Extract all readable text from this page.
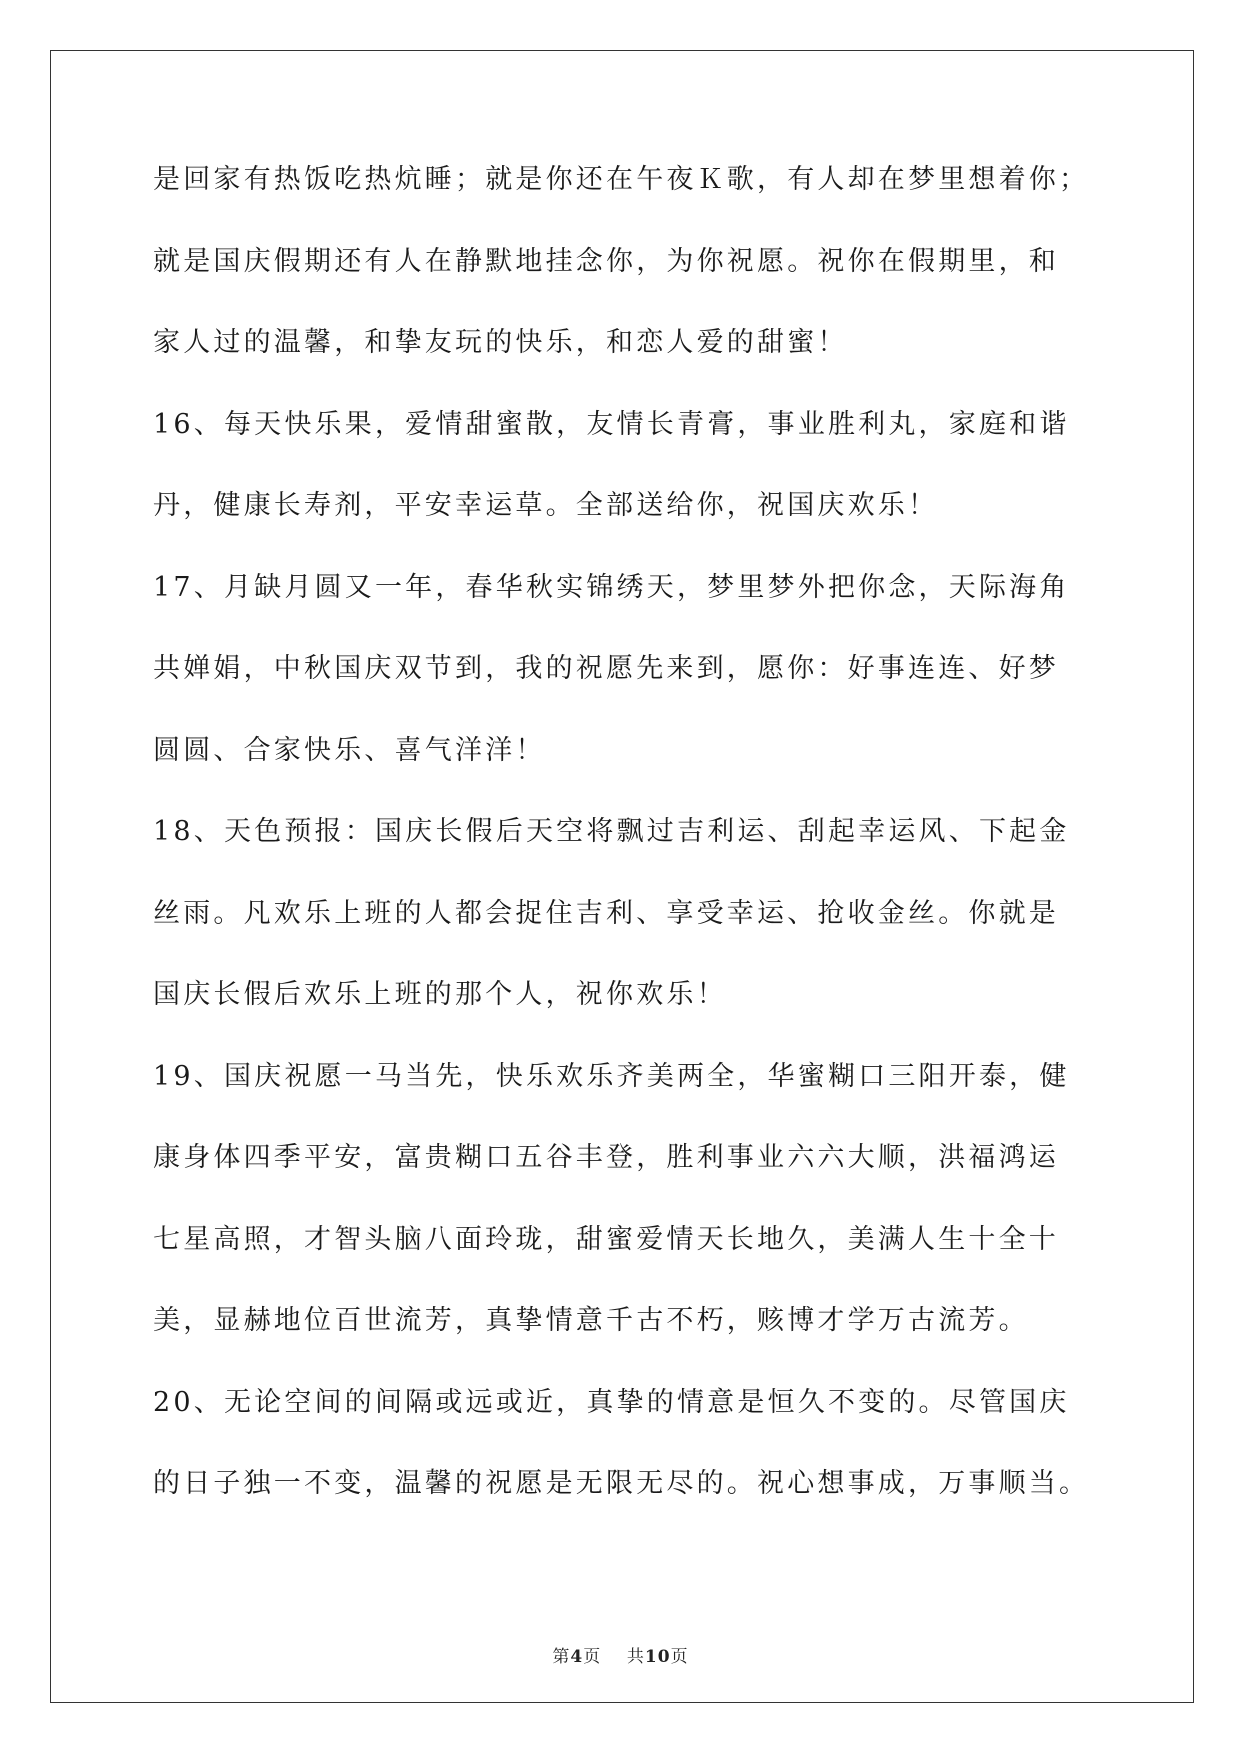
是回家有热饭吃热炕睡；就是你还在午夜Ｋ歌，有人却在梦里想着你；
就是国庆假期还有人在静默地挂念你，为你祝愿。祝你在假期里，和
家人过的温馨，和挚友玩的快乐，和恋人爱的甜蜜！
16、每天快乐果，爱情甜蜜散，友情长青膏，事业胜利丸，家庭和谐
丹，健康长寿剂，平安幸运草。全部送给你，祝国庆欢乐！
17、月缺月圆又一年，春华秋实锦绣天，梦里梦外把你念，天际海角
共婵娟，中秋国庆双节到，我的祝愿先来到，愿你：好事连连、好梦
圆圆、合家快乐、喜气洋洋！
18、天色预报：国庆长假后天空将飘过吉利运、刮起幸运风、下起金
丝雨。凡欢乐上班的人都会捉住吉利、享受幸运、抢收金丝。你就是
国庆长假后欢乐上班的那个人，祝你欢乐！
19、国庆祝愿一马当先，快乐欢乐齐美两全，华蜜糊口三阳开泰，健
康身体四季平安，富贵糊口五谷丰登，胜利事业六六大顺，洪福鸿运
七星高照，才智头脑八面玲珑，甜蜜爱情天长地久，美满人生十全十
美，显赫地位百世流芳，真挚情意千古不朽，赅博才学万古流芳。
20、无论空间的间隔或远或近，真挚的情意是恒久不变的。尽管国庆
的日子独一不变，温馨的祝愿是无限无尽的。祝心想事成，万事顺当。
第4页 共10页
